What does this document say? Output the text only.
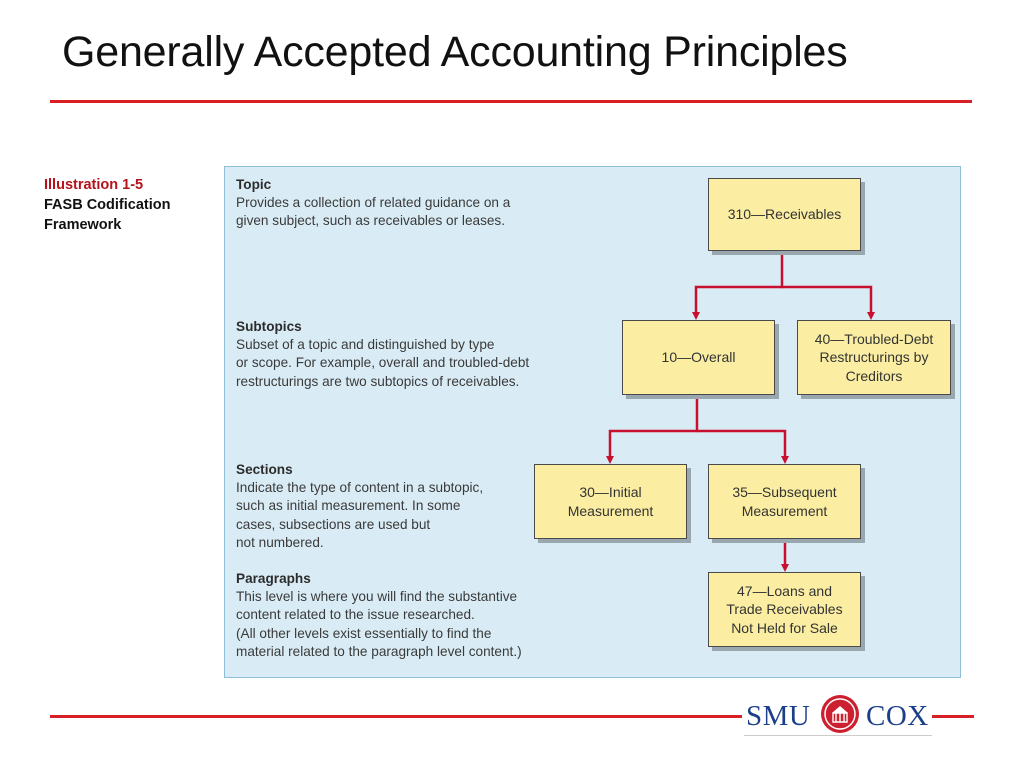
Generally Accepted Accounting Principles
Illustration 1-5
FASB Codification Framework
Topic
Provides a collection of related guidance on a
given subject, such as receivables or leases.
Subtopics
Subset of a topic and distinguished by type
or scope. For example, overall and troubled-debt
restructurings are two subtopics of receivables.
Sections
Indicate the type of content in a subtopic,
such as initial measurement. In some
cases, subsections are used but
not numbered.
Paragraphs
This level is where you will find the substantive
content related to the issue researched.
(All other levels exist essentially to find the
material related to the paragraph level content.)
310—Receivables
10—Overall
40—Troubled-Debt
Restructurings by
Creditors
30—Initial
Measurement
35—Subsequent
Measurement
47—Loans and
Trade Receivables
Not Held for Sale
SMU COX
